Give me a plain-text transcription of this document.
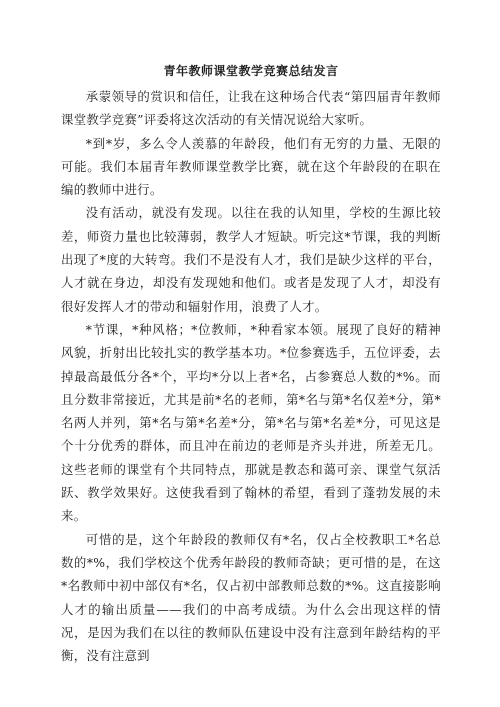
青年教师课堂教学竞赛总结发言

承蒙领导的赏识和信任，让我在这种场合代表“第四届青年教师课堂教学竞赛”评委将这次活动的有关情况说给大家听。

*到*岁，多么令人羡慕的年龄段，他们有无穷的力量、无限的可能。我们本届青年教师课堂教学比赛，就在这个年龄段的在职在编的教师中进行。

没有活动，就没有发现。以往在我的认知里，学校的生源比较差，师资力量也比较薄弱，教学人才短缺。听完这*节课，我的判断出现了*度的大转弯。我们不是没有人才，我们是缺少这样的平台，人才就在身边，却没有发现她和他们。或者是发现了人才，却没有很好发挥人才的带动和辐射作用，浪费了人才。

*节课，*种风格；*位教师，*种看家本领。展现了良好的精神风貌，折射出比较扎实的教学基本功。*位参赛选手，五位评委，去掉最高最低分各*个，平均*分以上者*名，占参赛总人数的*%。而且分数非常接近，尤其是前*名的老师，第*名与第*名仅差*分，第*名两人并列，第*名与第*名差*分，第*名与第*名差*分，可见这是个十分优秀的群体，而且冲在前边的老师是齐头并进，所差无几。这些老师的课堂有个共同特点，那就是教态和蔼可亲、课堂气氛活跃、教学效果好。这使我看到了翰林的希望，看到了蓬勃发展的未来。

可惜的是，这个年龄段的教师仅有*名，仅占全校教职工*名总数的*%，我们学校这个优秀年龄段的教师奇缺；更可惜的是，在这*名教师中初中部仅有*名，仅占初中部教师总数的*%。这直接影响人才的输出质量——我们的中高考成绩。为什么会出现这样的情况，是因为我们在以往的教师队伍建设中没有注意到年龄结构的平衡，没有注意到
